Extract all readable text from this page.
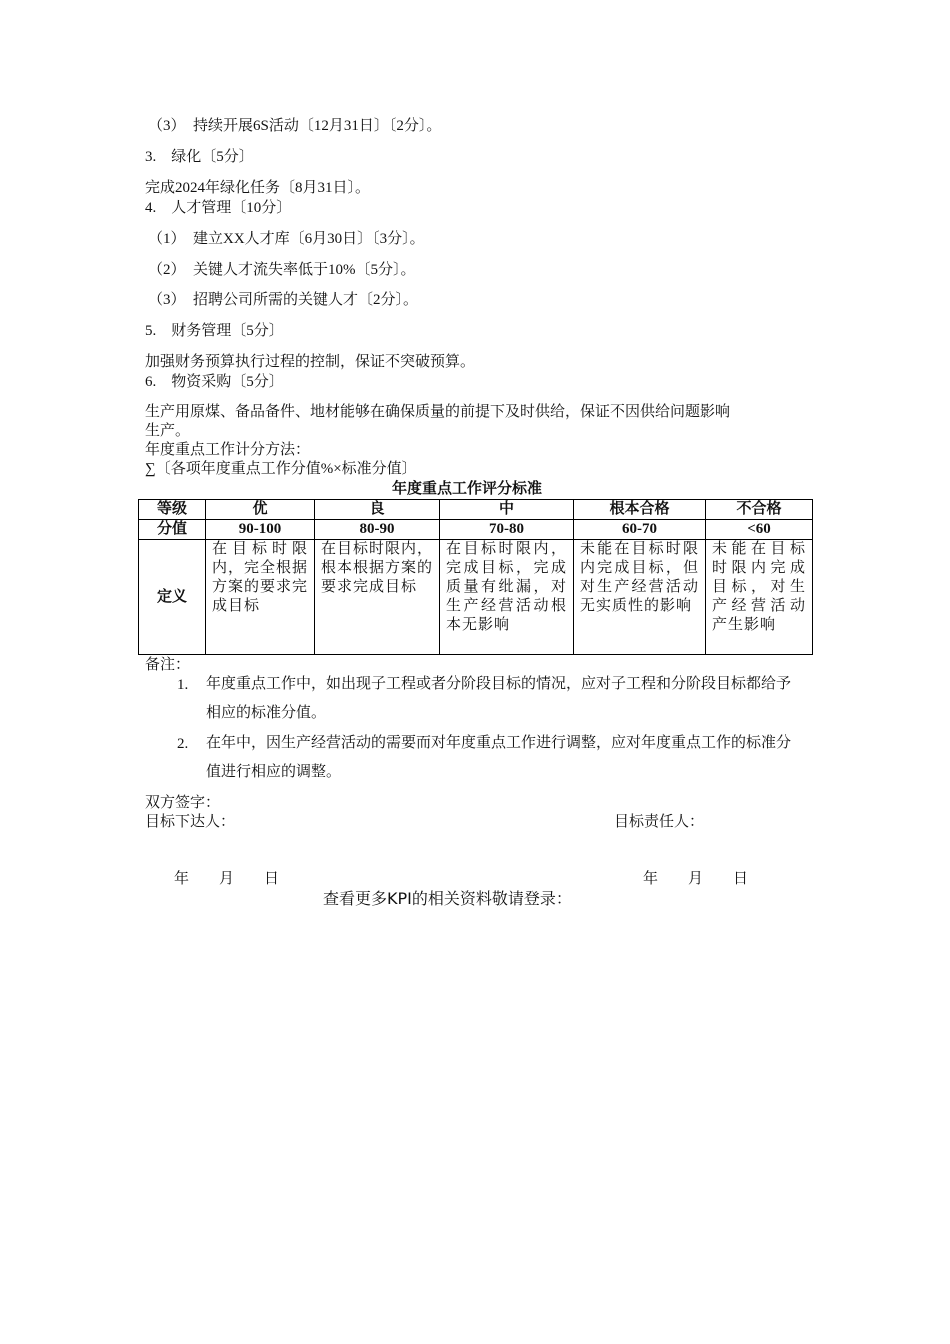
（3）　持续开展6S活动〔12月31日〕〔2分〕。
3.　绿化〔5分〕
完成2024年绿化任务〔8月31日〕。
4.　人才管理〔10分〕
（1）　建立XX人才库〔6月30日〕〔3分〕。
（2）　关键人才流失率低于10%〔5分〕。
（3）　招聘公司所需的关键人才〔2分〕。
5.　财务管理〔5分〕
加强财务预算执行过程的控制，保证不突破预算。
6.　物资采购〔5分〕
生产用原煤、备品备件、地材能够在确保质量的前提下及时供给，保证不因供给问题影响
生产。
年度重点工作计分方法：
∑〔各项年度重点工作分值%×标准分值〕
年度重点工作评分标准
等级	优	良	中	根本合格	不合格
分值	90-100	80-90	70-80	60-70	<60
定义	在目标时限内，完全根据方案的要求完成目标	在目标时限内，根本根据方案的要求完成目标	在目标时限内，完成目标，完成质量有纰漏，对生产经营活动根本无影响	未能在目标时限内完成目标，但对生产经营活动无实质性的影响	未能在目标时限内完成目标，对生产经营活动产生影响
备注：
1. 年度重点工作中，如出现子工程或者分阶段目标的情况，应对子工程和分阶段目标都给予相应的标准分值。
2. 在年中，因生产经营活动的需要而对年度重点工作进行调整，应对年度重点工作的标准分值进行相应的调整。
双方签字：
目标下达人：	目标责任人：
年　　月　　日	年　　月　　日
查看更多KPI的相关资料敬请登录：
